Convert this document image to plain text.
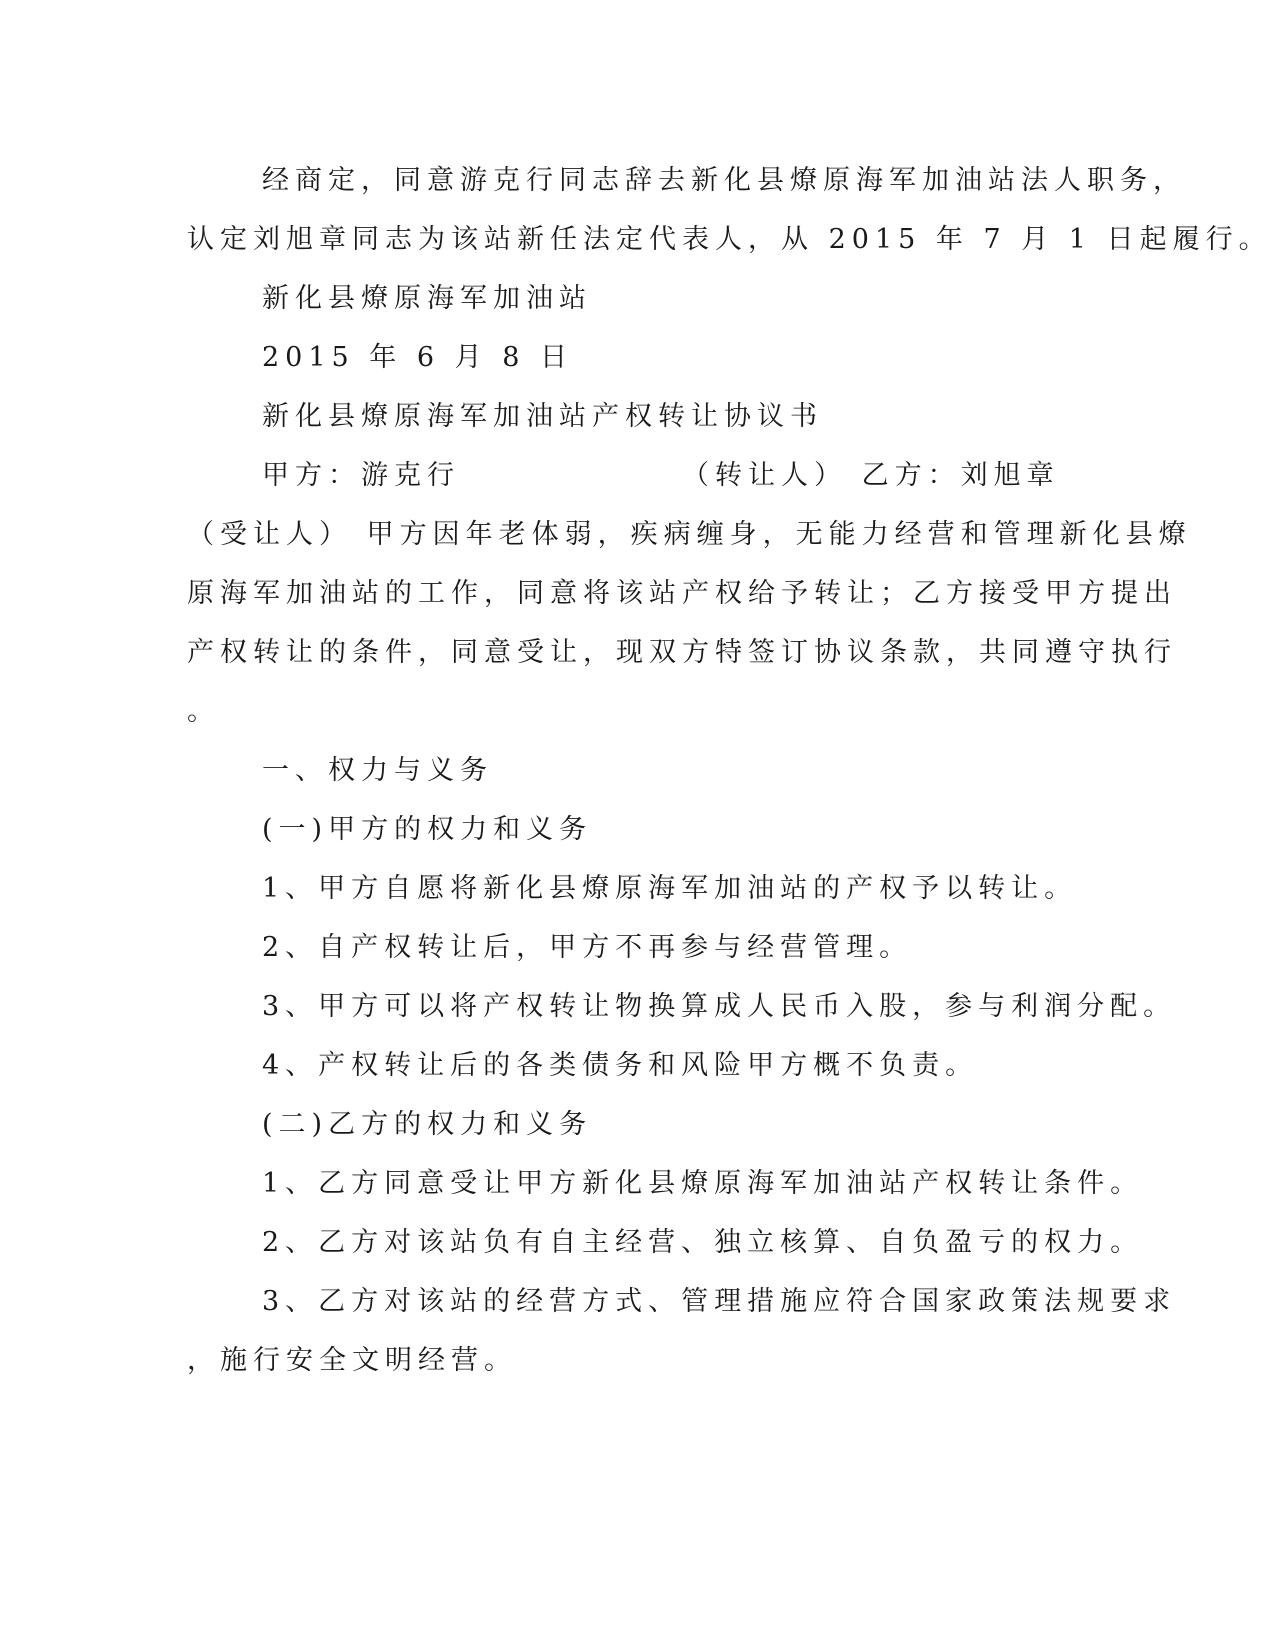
经商定，同意游克行同志辞去新化县燎原海军加油站法人职务，
认定刘旭章同志为该站新任法定代表人，从 2015 年 7 月 1 日起履行。
新化县燎原海军加油站
2015 年 6 月 8 日
新化县燎原海军加油站产权转让协议书
甲方：游克行	（转让人） 乙方：刘旭章
（受让人） 甲方因年老体弱，疾病缠身，无能力经营和管理新化县燎
原海军加油站的工作，同意将该站产权给予转让；乙方接受甲方提出
产权转让的条件，同意受让，现双方特签订协议条款，共同遵守执行
。
一、权力与义务
(一)甲方的权力和义务
1、甲方自愿将新化县燎原海军加油站的产权予以转让。
2、自产权转让后，甲方不再参与经营管理。
3、甲方可以将产权转让物换算成人民币入股，参与利润分配。
4、产权转让后的各类债务和风险甲方概不负责。
(二)乙方的权力和义务
1、乙方同意受让甲方新化县燎原海军加油站产权转让条件。
2、乙方对该站负有自主经营、独立核算、自负盈亏的权力。
3、乙方对该站的经营方式、管理措施应符合国家政策法规要求
，施行安全文明经营。
